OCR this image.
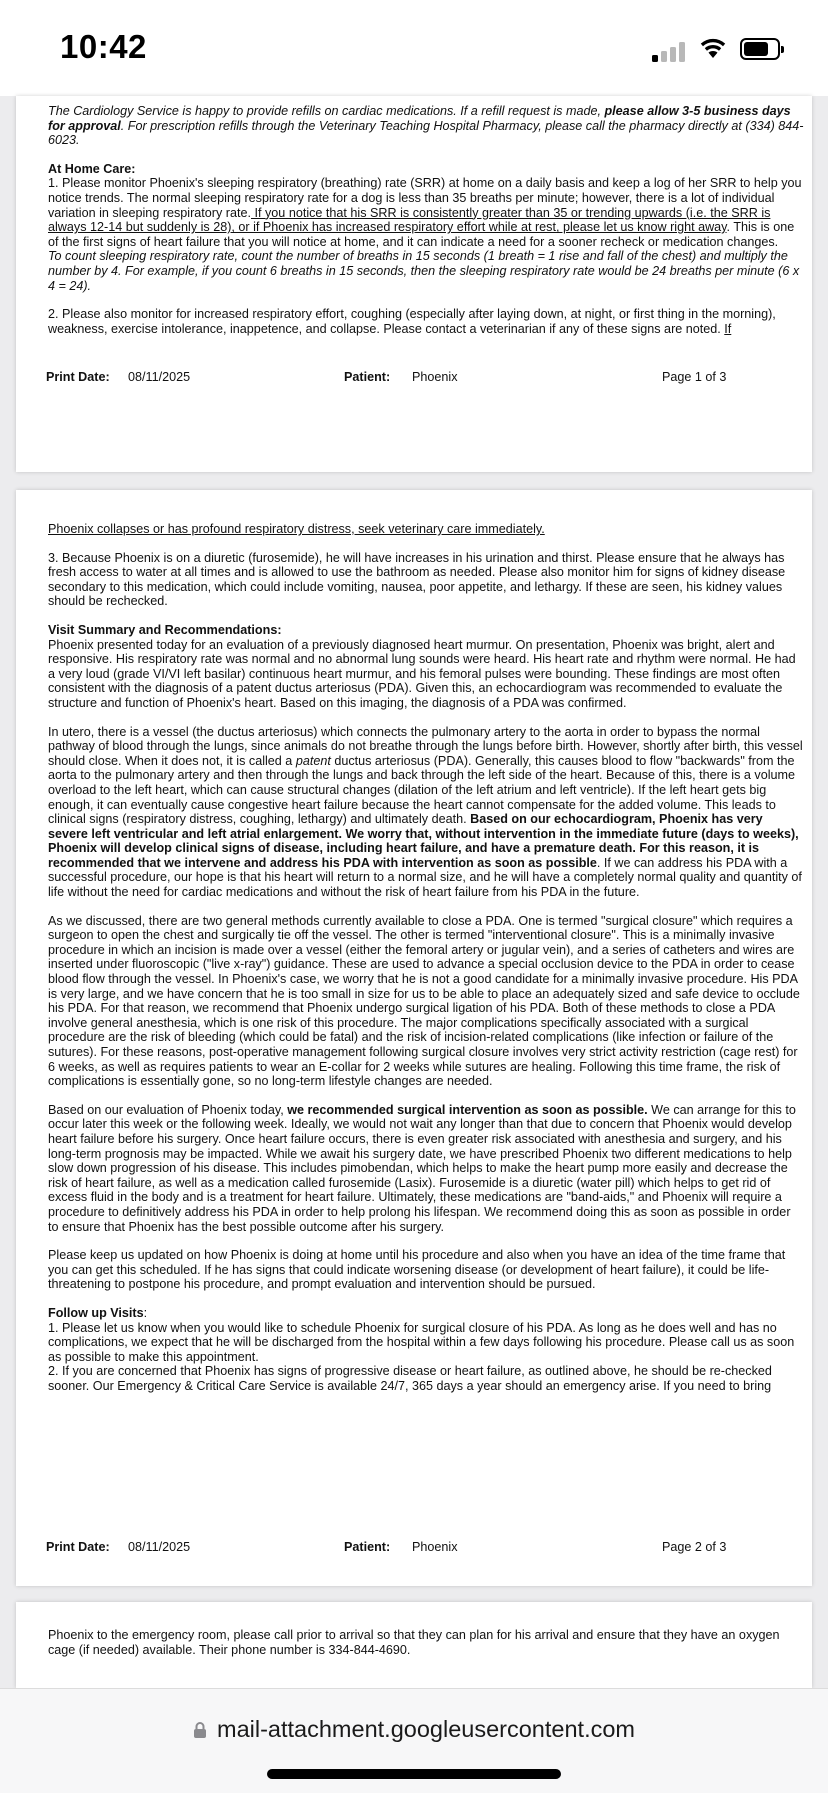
10:42

The Cardiology Service is happy to provide refills on cardiac medications. If a refill request is made, please allow 3-5 business days for approval. For prescription refills through the Veterinary Teaching Hospital Pharmacy, please call the pharmacy directly at (334) 844-6023.

At Home Care:

1. Please monitor Phoenix's sleeping respiratory (breathing) rate (SRR) at home on a daily basis and keep a log of her SRR to help you notice trends. The normal sleeping respiratory rate for a dog is less than 35 breaths per minute; however, there is a lot of individual variation in sleeping respiratory rate. If you notice that his SRR is consistently greater than 35 or trending upwards (i.e. the SRR is always 12-14 but suddenly is 28), or if Phoenix has increased respiratory effort while at rest, please let us know right away. This is one of the first signs of heart failure that you will notice at home, and it can indicate a need for a sooner recheck or medication changes.

To count sleeping respiratory rate, count the number of breaths in 15 seconds (1 breath = 1 rise and fall of the chest) and multiply the number by 4. For example, if you count 6 breaths in 15 seconds, then the sleeping respiratory rate would be 24 breaths per minute (6 x 4 = 24).

2. Please also monitor for increased respiratory effort, coughing (especially after laying down, at night, or first thing in the morning), weakness, exercise intolerance, inappetence, and collapse. Please contact a veterinarian if any of these signs are noted. If

Print Date: 08/11/2025	Patient: Phoenix	Page 1 of 3

Phoenix collapses or has profound respiratory distress, seek veterinary care immediately.

3. Because Phoenix is on a diuretic (furosemide), he will have increases in his urination and thirst. Please ensure that he always has fresh access to water at all times and is allowed to use the bathroom as needed. Please also monitor him for signs of kidney disease secondary to this medication, which could include vomiting, nausea, poor appetite, and lethargy. If these are seen, his kidney values should be rechecked.

Visit Summary and Recommendations:

Phoenix presented today for an evaluation of a previously diagnosed heart murmur. On presentation, Phoenix was bright, alert and responsive. His respiratory rate was normal and no abnormal lung sounds were heard. His heart rate and rhythm were normal. He had a very loud (grade VI/VI left basilar) continuous heart murmur, and his femoral pulses were bounding. These findings are most often consistent with the diagnosis of a patent ductus arteriosus (PDA). Given this, an echocardiogram was recommended to evaluate the structure and function of Phoenix's heart. Based on this imaging, the diagnosis of a PDA was confirmed.

In utero, there is a vessel (the ductus arteriosus) which connects the pulmonary artery to the aorta in order to bypass the normal pathway of blood through the lungs, since animals do not breathe through the lungs before birth. However, shortly after birth, this vessel should close. When it does not, it is called a patent ductus arteriosus (PDA). Generally, this causes blood to flow "backwards" from the aorta to the pulmonary artery and then through the lungs and back through the left side of the heart. Because of this, there is a volume overload to the left heart, which can cause structural changes (dilation of the left atrium and left ventricle). If the left heart gets big enough, it can eventually cause congestive heart failure because the heart cannot compensate for the added volume. This leads to clinical signs (respiratory distress, coughing, lethargy) and ultimately death. Based on our echocardiogram, Phoenix has very severe left ventricular and left atrial enlargement. We worry that, without intervention in the immediate future (days to weeks), Phoenix will develop clinical signs of disease, including heart failure, and have a premature death. For this reason, it is recommended that we intervene and address his PDA with intervention as soon as possible. If we can address his PDA with a successful procedure, our hope is that his heart will return to a normal size, and he will have a completely normal quality and quantity of life without the need for cardiac medications and without the risk of heart failure from his PDA in the future.

As we discussed, there are two general methods currently available to close a PDA. One is termed "surgical closure" which requires a surgeon to open the chest and surgically tie off the vessel. The other is termed "interventional closure". This is a minimally invasive procedure in which an incision is made over a vessel (either the femoral artery or jugular vein), and a series of catheters and wires are inserted under fluoroscopic ("live x-ray") guidance. These are used to advance a special occlusion device to the PDA in order to cease blood flow through the vessel. In Phoenix's case, we worry that he is not a good candidate for a minimally invasive procedure. His PDA is very large, and we have concern that he is too small in size for us to be able to place an adequately sized and safe device to occlude his PDA. For that reason, we recommend that Phoenix undergo surgical ligation of his PDA. Both of these methods to close a PDA involve general anesthesia, which is one risk of this procedure. The major complications specifically associated with a surgical procedure are the risk of bleeding (which could be fatal) and the risk of incision-related complications (like infection or failure of the sutures). For these reasons, post-operative management following surgical closure involves very strict activity restriction (cage rest) for 6 weeks, as well as requires patients to wear an E-collar for 2 weeks while sutures are healing. Following this time frame, the risk of complications is essentially gone, so no long-term lifestyle changes are needed.

Based on our evaluation of Phoenix today, we recommended surgical intervention as soon as possible. We can arrange for this to occur later this week or the following week. Ideally, we would not wait any longer than that due to concern that Phoenix would develop heart failure before his surgery. Once heart failure occurs, there is even greater risk associated with anesthesia and surgery, and his long-term prognosis may be impacted. While we await his surgery date, we have prescribed Phoenix two different medications to help slow down progression of his disease. This includes pimobendan, which helps to make the heart pump more easily and decrease the risk of heart failure, as well as a medication called furosemide (Lasix). Furosemide is a diuretic (water pill) which helps to get rid of excess fluid in the body and is a treatment for heart failure. Ultimately, these medications are "band-aids," and Phoenix will require a procedure to definitively address his PDA in order to help prolong his lifespan. We recommend doing this as soon as possible in order to ensure that Phoenix has the best possible outcome after his surgery.

Please keep us updated on how Phoenix is doing at home until his procedure and also when you have an idea of the time frame that you can get this scheduled. If he has signs that could indicate worsening disease (or development of heart failure), it could be life-threatening to postpone his procedure, and prompt evaluation and intervention should be pursued.

Follow up Visits:

1. Please let us know when you would like to schedule Phoenix for surgical closure of his PDA. As long as he does well and has no complications, we expect that he will be discharged from the hospital within a few days following his procedure. Please call us as soon as possible to make this appointment.

2. If you are concerned that Phoenix has signs of progressive disease or heart failure, as outlined above, he should be re-checked sooner. Our Emergency & Critical Care Service is available 24/7, 365 days a year should an emergency arise. If you need to bring

Print Date: 08/11/2025	Patient: Phoenix	Page 2 of 3

Phoenix to the emergency room, please call prior to arrival so that they can plan for his arrival and ensure that they have an oxygen cage (if needed) available. Their phone number is 334-844-4690.

mail-attachment.googleusercontent.com
